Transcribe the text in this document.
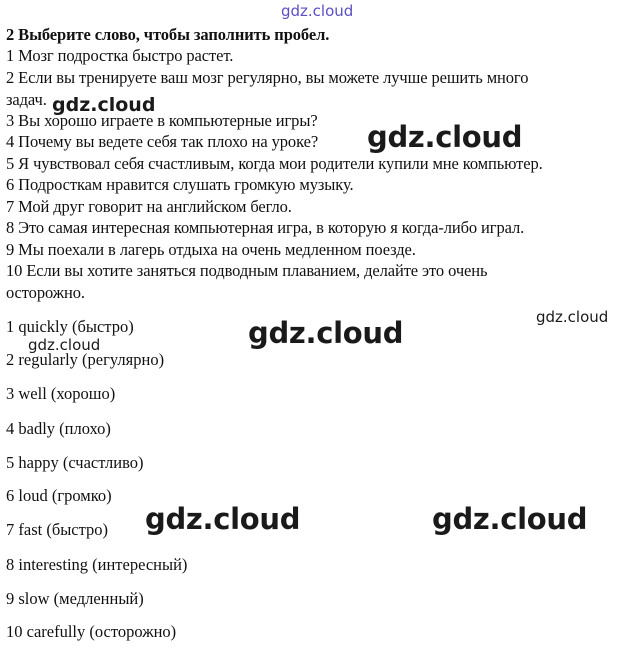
gdz.cloud
gdz.cloud
gdz.cloud
gdz.cloud	gdz.cloud
gdz.cloud
gdz.cloud	gdz.cloud
2 Выберите слово, чтобы заполнить пробел.
1 Мозг подростка быстро растет.
2 Если вы тренируете ваш мозг регулярно, вы можете лучше решить много
задач.
3 Вы хорошо играете в компьютерные игры?
4 Почему вы ведете себя так плохо на уроке?
5 Я чувствовал себя счастливым, когда мои родители купили мне компьютер.
6 Подросткам нравится слушать громкую музыку.
7 Мой друг говорит на английском бегло.
8 Это самая интересная компьютерная игра, в которую я когда-либо играл.
9 Мы поехали в лагерь отдыха на очень медленном поезде.
10 Если вы хотите заняться подводным плаванием, делайте это очень
осторожно.
1 quickly (быстро)
2 regularly (регулярно)
3 well (хорошо)
4 badly (плохо)
5 happy (счастливо)
6 loud (громко)
7 fast (быстро)
8 interesting (интересный)
9 slow (медленный)
10 carefully (осторожно)
